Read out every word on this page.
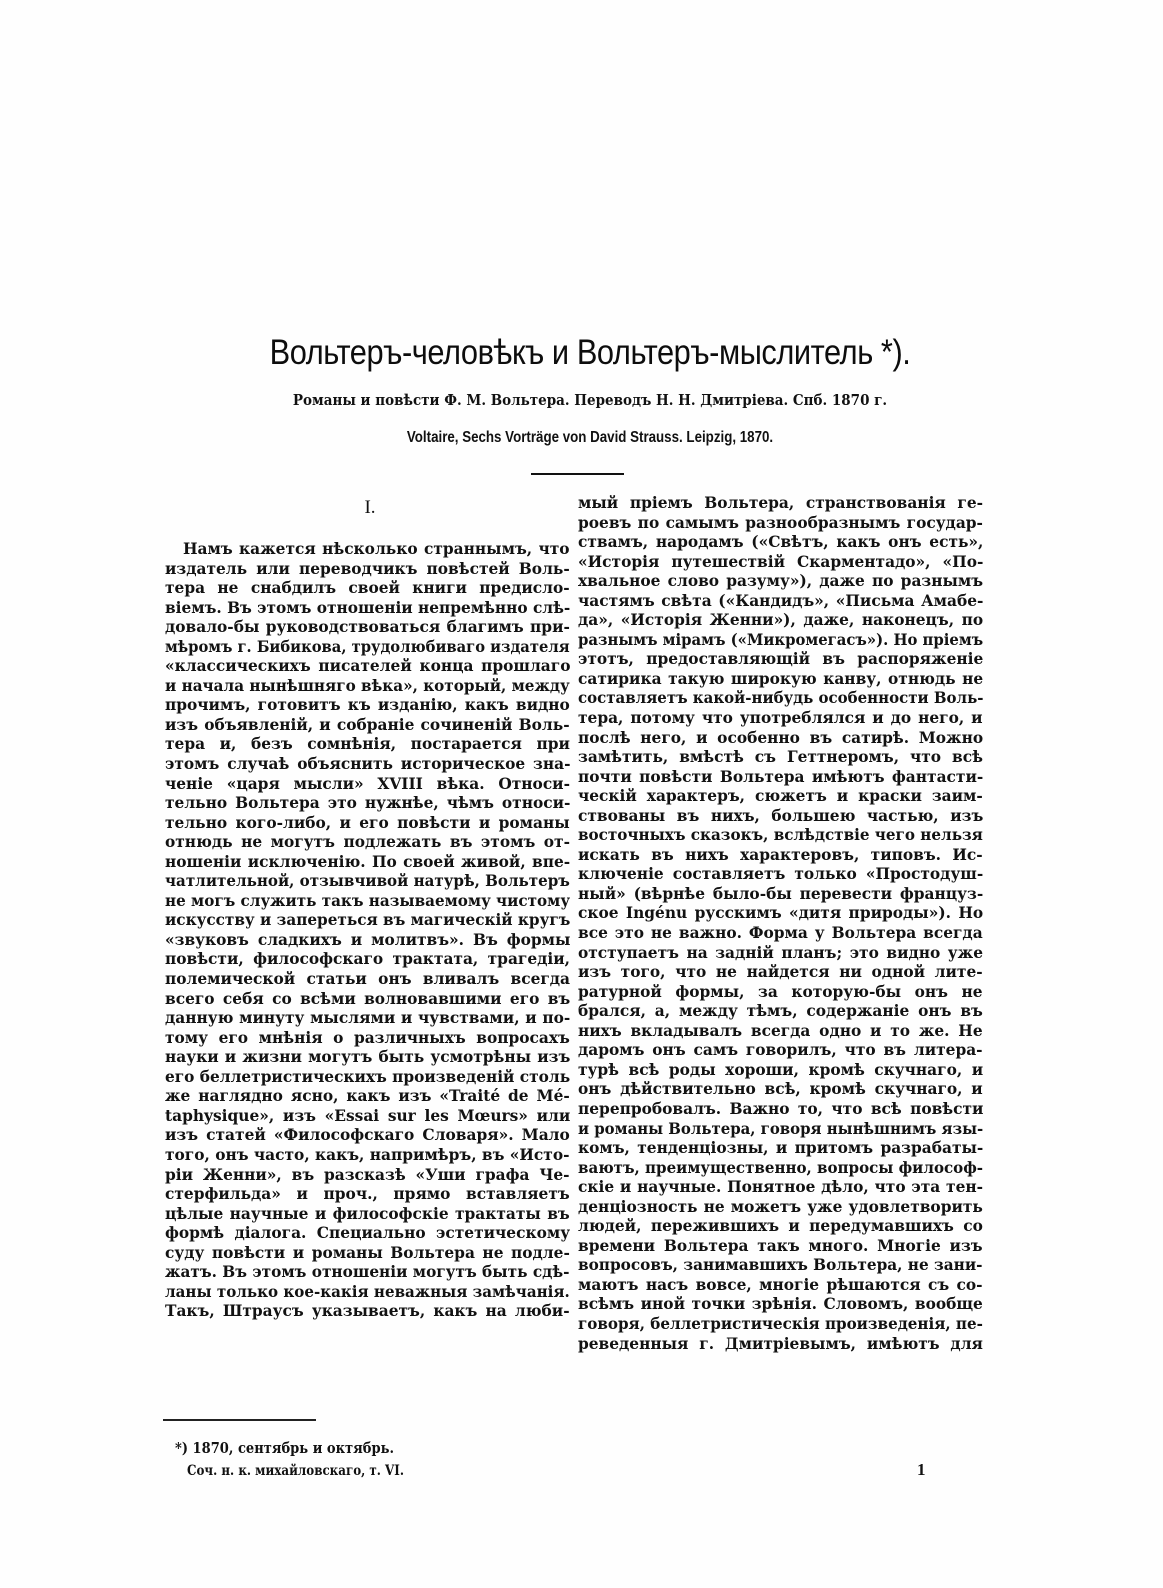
Вольтеръ-человѣкъ и Вольтеръ-мыслитель *).
Романы и повѣсти Ф. М. Вольтера. Переводъ Н. Н. Дмитріева. Спб. 1870 г.
Voltaire, Sechs Vorträge von David Strauss. Leipzig, 1870.
I.
Намъ кажется нѣсколько страннымъ, что
издатель или переводчикъ повѣстей Воль-
тера не снабдилъ своей книги предисло-
віемъ. Въ этомъ отношеніи непремѣнно слѣ-
довало-бы руководствоваться благимъ при-
мѣромъ г. Бибикова, трудолюбиваго издателя
«классическихъ писателей конца прошлаго
и начала нынѣшняго вѣка», который, между
прочимъ, готовитъ къ изданію, какъ видно
изъ объявленій, и собраніе сочиненій Воль-
тера и, безъ сомнѣнія, постарается при
этомъ случаѣ объяснить историческое зна-
ченіе «царя мысли» XVIII вѣка. Относи-
тельно Вольтера это нужнѣе, чѣмъ относи-
тельно кого-либо, и его повѣсти и романы
отнюдь не могутъ подлежать въ этомъ от-
ношеніи исключенію. По своей живой, впе-
чатлительной, отзывчивой натурѣ, Вольтеръ
не могъ служить такъ называемому чистому
искусству и запереться въ магическій кругъ
«звуковъ сладкихъ и молитвъ». Въ формы
повѣсти, философскаго трактата, трагедіи,
полемической статьи онъ вливалъ всегда
всего себя со всѣми волновавшими его въ
данную минуту мыслями и чувствами, и по-
тому его мнѣнія о различныхъ вопросахъ
науки и жизни могутъ быть усмотрѣны изъ
его беллетристическихъ произведеній столь
же наглядно ясно, какъ изъ «Traité de Mé-
taphysique», изъ «Essai sur les Mœurs» или
изъ статей «Философскаго Словаря». Мало
того, онъ часто, какъ, напримѣръ, въ «Исто-
ріи Женни», въ разсказѣ «Уши графа Че-
стерфильда» и проч., прямо вставляетъ
цѣлые научные и философскіе трактаты въ
формѣ діалога. Специально эстетическому
суду повѣсти и романы Вольтера не подле-
жатъ. Въ этомъ отношеніи могутъ быть сдѣ-
ланы только кое-какія неважныя замѣчанія.
Такъ, Штраусъ указываетъ, какъ на люби-
мый пріемъ Вольтера, странствованія ге-
роевъ по самымъ разнообразнымъ государ-
ствамъ, народамъ («Свѣтъ, какъ онъ есть»,
«Исторія путешествій Скарментадо», «По-
хвальное слово разуму»), даже по разнымъ
частямъ свѣта («Кандидъ», «Письма Амабе-
да», «Исторія Женни»), даже, наконецъ, по
разнымъ мірамъ («Микромегасъ»). Но пріемъ
этотъ, предоставляющій въ распоряженіе
сатирика такую широкую канву, отнюдь не
составляетъ какой-нибудь особенности Воль-
тера, потому что употреблялся и до него, и
послѣ него, и особенно въ сатирѣ. Можно
замѣтить, вмѣстѣ съ Геттнеромъ, что всѣ
почти повѣсти Вольтера имѣютъ фантасти-
ческій характеръ, сюжетъ и краски заим-
ствованы въ нихъ, большею частью, изъ
восточныхъ сказокъ, вслѣдствіе чего нельзя
искать въ нихъ характеровъ, типовъ. Ис-
ключеніе составляетъ только «Простодуш-
ный» (вѣрнѣе было-бы перевести француз-
ское Ingénu русскимъ «дитя природы»). Но
все это не важно. Форма у Вольтера всегда
отступаетъ на задній планъ; это видно уже
изъ того, что не найдется ни одной лите-
ратурной формы, за которую-бы онъ не
брался, а, между тѣмъ, содержаніе онъ въ
нихъ вкладывалъ всегда одно и то же. Не
даромъ онъ самъ говорилъ, что въ литера-
турѣ всѣ роды хороши, кромѣ скучнаго, и
онъ дѣйствительно всѣ, кромѣ скучнаго, и
перепробовалъ. Важно то, что всѣ повѣсти
и романы Вольтера, говоря нынѣшнимъ язы-
комъ, тенденціозны, и притомъ разрабаты-
ваютъ, преимущественно, вопросы философ-
скіе и научные. Понятное дѣло, что эта тен-
денціозность не можетъ уже удовлетворить
людей, пережившихъ и передумавшихъ со
времени Вольтера такъ много. Многіе изъ
вопросовъ, занимавшихъ Вольтера, не зани-
маютъ насъ вовсе, многіе рѣшаются съ со-
всѣмъ иной точки зрѣнія. Словомъ, вообще
говоря, беллетристическія произведенія, пе-
реведенныя г. Дмитріевымъ, имѣютъ для
*) 1870, сентябрь и октябрь.
Соч. н. к. михайловскаго, т. VI.	1
